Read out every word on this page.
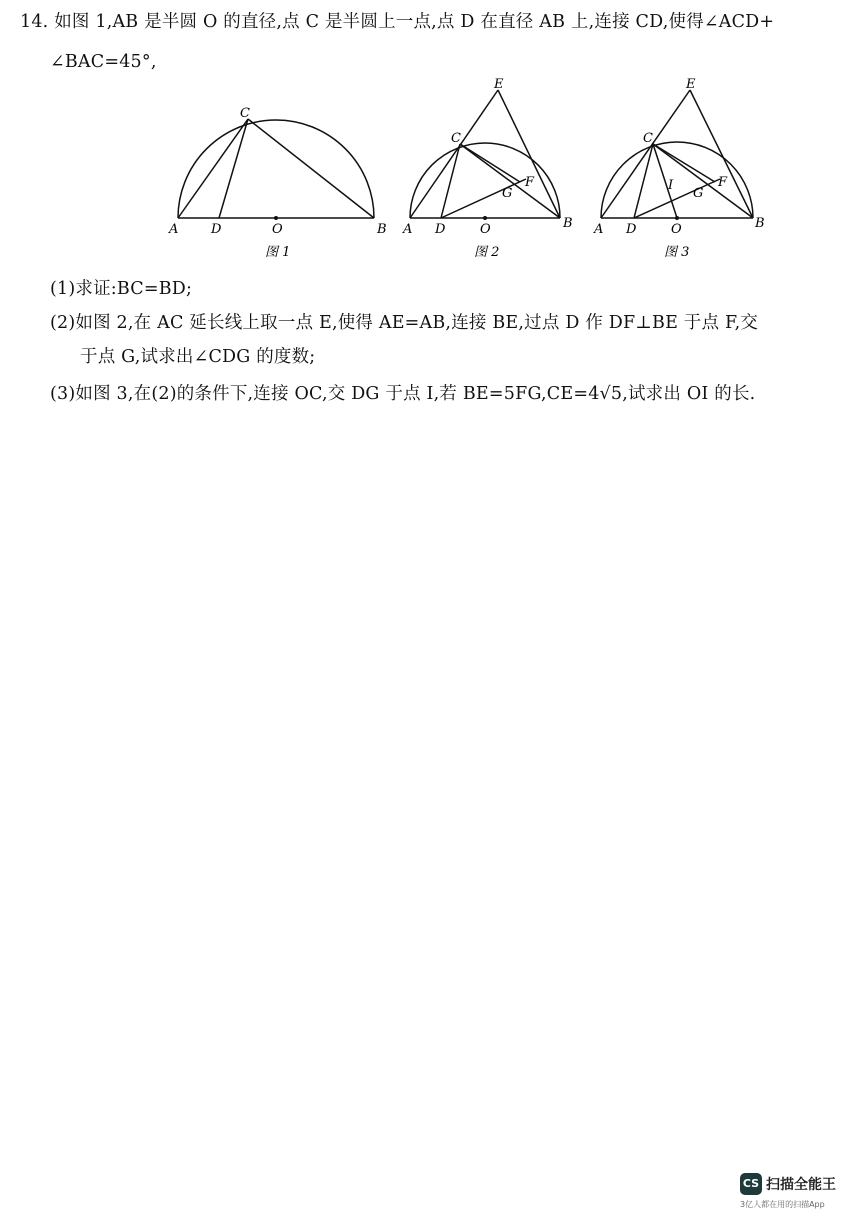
14. 如图 1,AB 是半圆 O 的直径,点 C 是半圆上一点,点 D 在直径 AB 上,连接 CD,使得∠ACD+
∠BAC=45°,
(1)求证:BC=BD;
(2)如图 2,在 AC 延长线上取一点 E,使得 AE=AB,连接 BE,过点 D 作 DF⊥BE 于点 F,交
于点 G,试求出∠CDG 的度数;
(3)如图 3,在(2)的条件下,连接 OC,交 DG 于点 I,若 BE=5FG,CE=4√5,试求出 OI 的长.
A	B
C
D	O
图 1
A	B
C
D	O
E
F
G
图 2
A	B
C
D	O
E
F
G
I
图 3
CS 扫描全能王
3亿人都在用的扫描App
